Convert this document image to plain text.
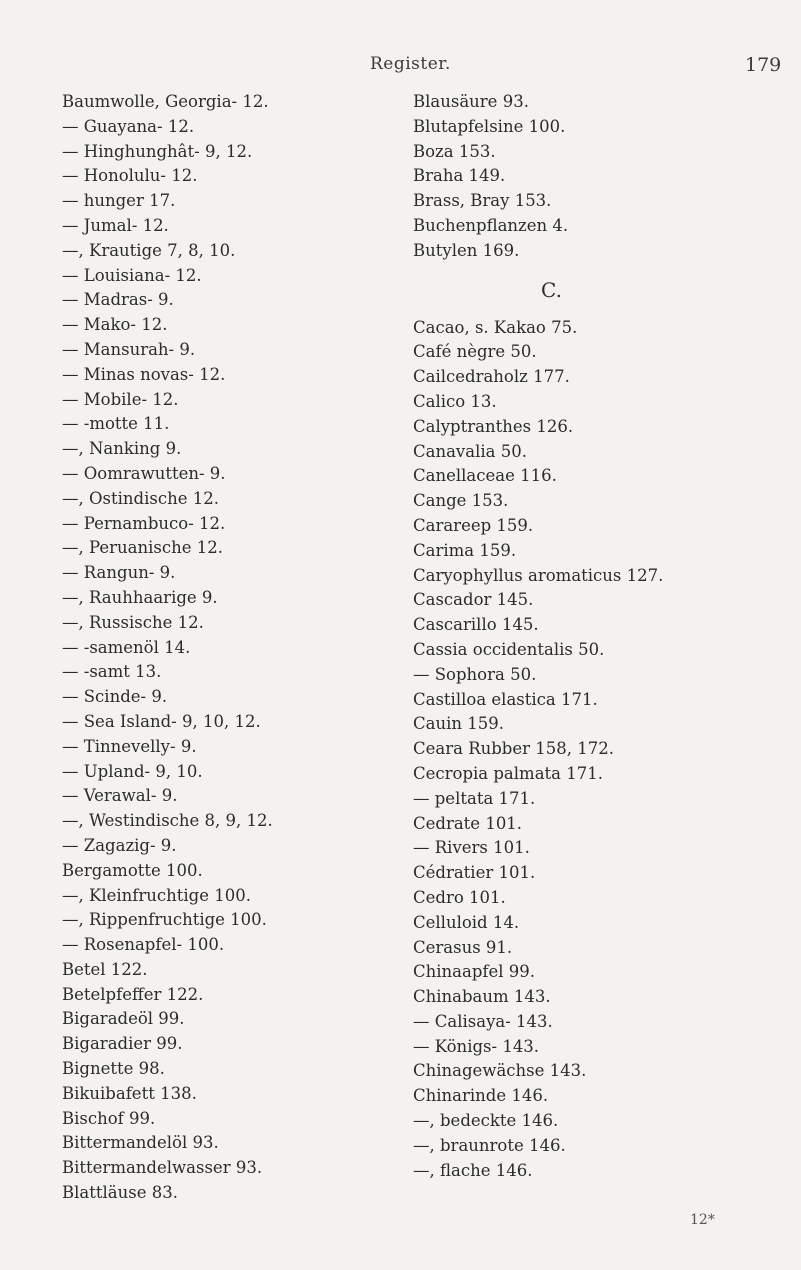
Register.	179
Baumwolle, Georgia- 12.
— Guayana- 12.
— Hinghunghât- 9, 12.
— Honolulu- 12.
— hunger 17.
— Jumal- 12.
—, Krautige 7, 8, 10.
— Louisiana- 12.
— Madras- 9.
— Mako- 12.
— Mansurah- 9.
— Minas novas- 12.
— Mobile- 12.
— -motte 11.
—, Nanking 9.
— Oomrawutten- 9.
—, Ostindische 12.
— Pernambuco- 12.
—, Peruanische 12.
— Rangun- 9.
—, Rauhhaarige 9.
—, Russische 12.
— -samenöl 14.
— -samt 13.
— Scinde- 9.
— Sea Island- 9, 10, 12.
— Tinnevelly- 9.
— Upland- 9, 10.
— Verawal- 9.
—, Westindische 8, 9, 12.
— Zagazig- 9.
Bergamotte 100.
—, Kleinfruchtige 100.
—, Rippenfruchtige 100.
— Rosenapfel- 100.
Betel 122.
Betelpfeffer 122.
Bigaradeöl 99.
Bigaradier 99.
Bignette 98.
Bikuibafett 138.
Bischof 99.
Bittermandelöl 93.
Bittermandelwasser 93.
Blattläuse 83.
Blausäure 93.
Blutapfelsine 100.
Boza 153.
Braha 149.
Brass, Bray 153.
Buchenpflanzen 4.
Butylen 169.
C.
Cacao, s. Kakao 75.
Café nègre 50.
Cailcedraholz 177.
Calico 13.
Calyptranthes 126.
Canavalia 50.
Canellaceae 116.
Cange 153.
Carareep 159.
Carima 159.
Caryophyllus aromaticus 127.
Cascador 145.
Cascarillo 145.
Cassia occidentalis 50.
— Sophora 50.
Castilloa elastica 171.
Cauin 159.
Ceara Rubber 158, 172.
Cecropia palmata 171.
— peltata 171.
Cedrate 101.
— Rivers 101.
Cédratier 101.
Cedro 101.
Celluloid 14.
Cerasus 91.
Chinaapfel 99.
Chinabaum 143.
— Calisaya- 143.
— Königs- 143.
Chinagewächse 143.
Chinarinde 146.
—, bedeckte 146.
—, braunrote 146.
—, flache 146.
12*
